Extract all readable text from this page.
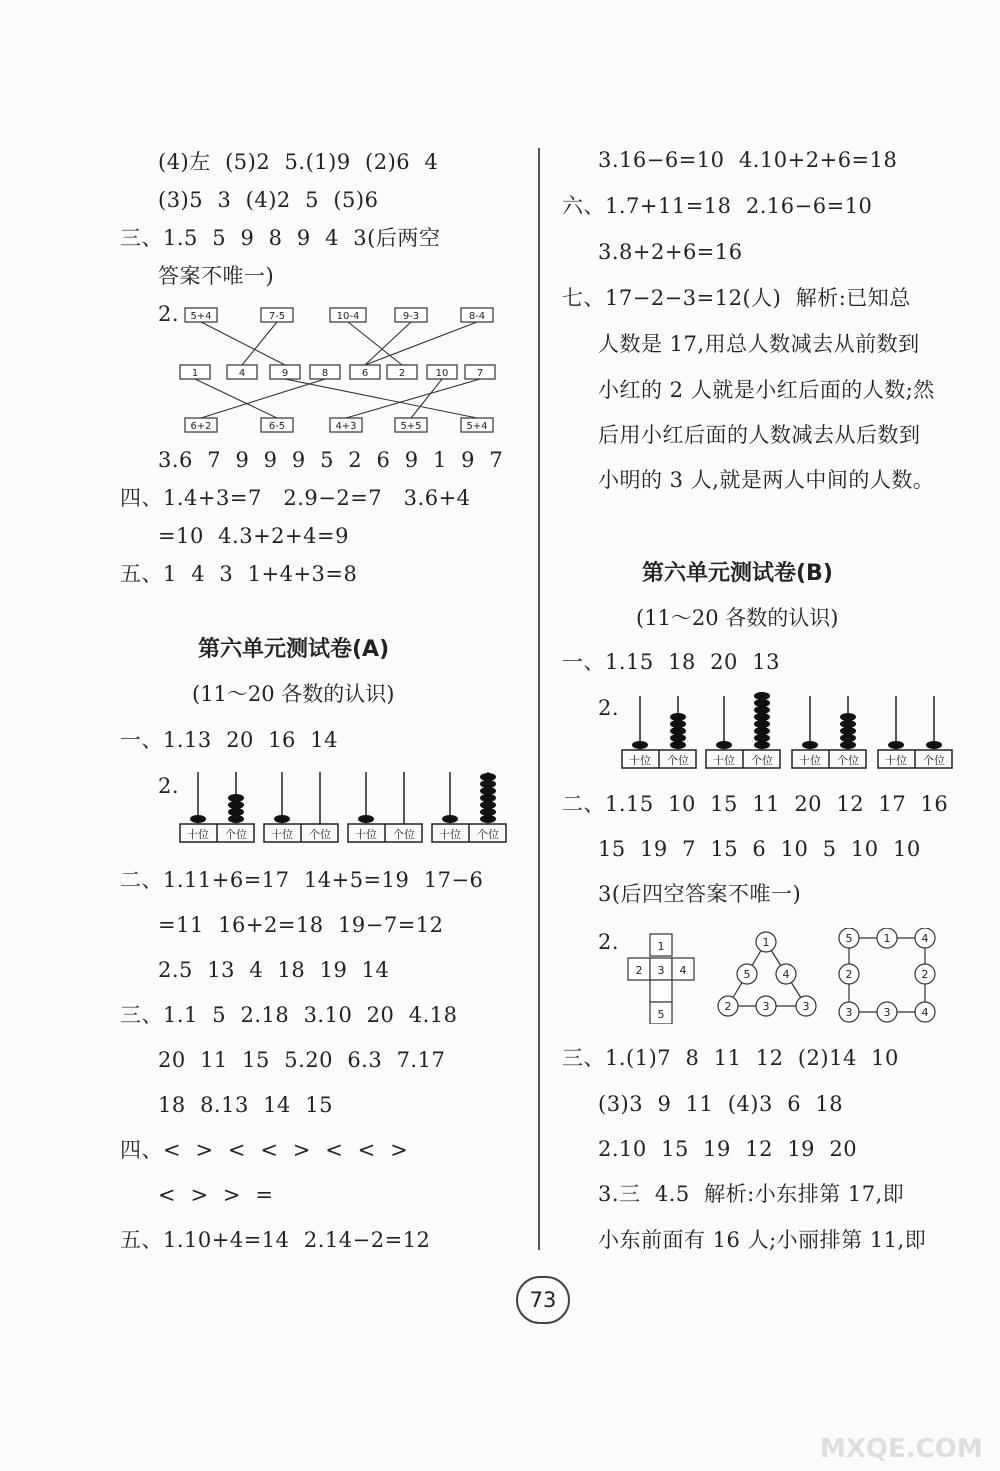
(4)左  (5)2  5.(1)9  (2)6  4
(3)5  3  (4)2  5  (5)6
三、1.5  5  9  8  9  4  3(后两空
答案不唯一)
2. 5+4	7-5	10-4	9-3	8-4
1	4	9	8	6	2	10	7
6+2	6-5	4+3	5+5	5+4
3.6  7  9  9  9  5  2  6  9  1  9  7
四、1.4+3=7   2.9−2=7   3.6+4
=10  4.3+2+4=9
五、1  4  3  1+4+3=8
第六单元测试卷(A)
(11～20 各数的认识)
一、1.13  20  16  14
2.
十位 个位 十位 个位 十位 个位 十位 个位
二、1.11+6=17  14+5=19  17−6
=11  16+2=18  19−7=12
2.5  13  4  18  19  14
三、1.1  5  2.18  3.10  20  4.18
20  11  15  5.20  6.3  7.17
18  8.13  14  15
四、<  >  <  <  >  <  <  >
<  >  >  =
五、1.10+4=14  2.14−2=12
3.16−6=10  4.10+2+6=18
六、1.7+11=18  2.16−6=10
3.8+2+6=16
七、17−2−3=12(人)  解析:已知总
人数是 17,用总人数减去从前数到
小红的 2 人就是小红后面的人数;然
后用小红后面的人数减去从后数到
小明的 3 人,就是两人中间的人数。
第六单元测试卷(B)
(11～20 各数的认识)
一、1.15  18  20  13
2.
十位 个位 十位 个位 十位 个位 十位 个位
二、1.15  10  15  11  20  12  17  16
15  19  7  15  6  10  5  10  10
3(后四空答案不唯一)
2.	1
2 3 4
5
1
5	4
2	3	3
5	1	4
2	2
3	3	4
三、1.(1)7  8  11  12  (2)14  10
(3)3  9  11  (4)3  6  18
2.10  15  19  12  19  20
3.三  4.5  解析:小东排第 17,即
小东前面有 16 人;小丽排第 11,即
73
MXQE.COM
